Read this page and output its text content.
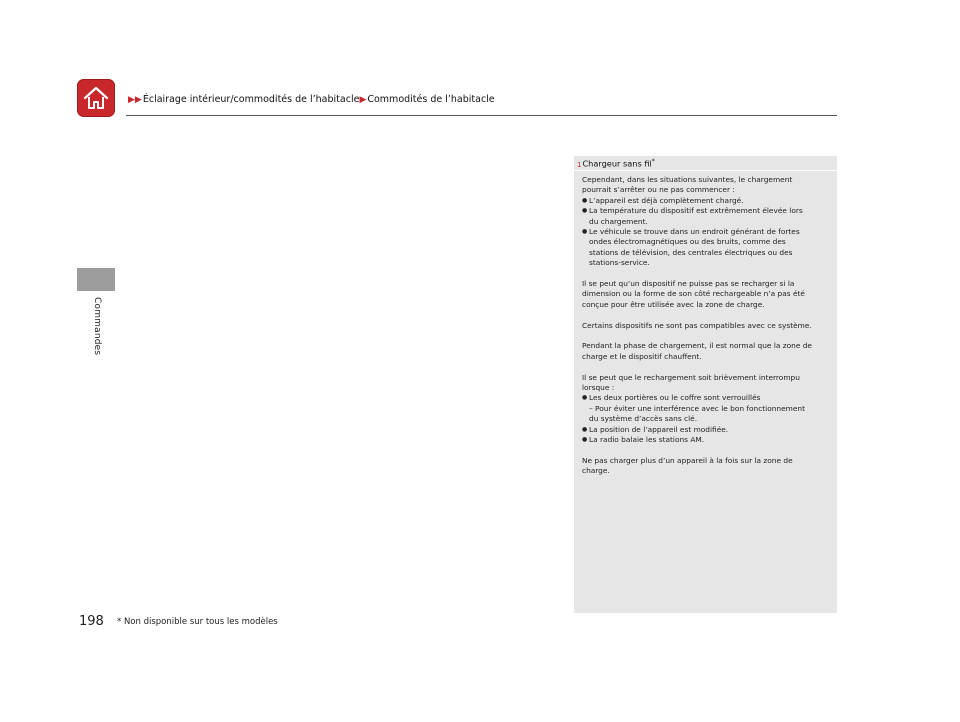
▶▶Éclairage intérieur/commodités de l’habitacle▶Commodités de l’habitacle
Commandes
1Chargeur sans fil*

Cependant, dans les situations suivantes, le chargement

pourrait s’arrêter ou ne pas commencer :

● L’appareil est déjà complètement chargé.

● La température du dispositif est extrêmement élevée lors

du chargement.

● Le véhicule se trouve dans un endroit générant de fortes

ondes électromagnétiques ou des bruits, comme des

stations de télévision, des centrales électriques ou des

stations-service.

Il se peut qu’un dispositif ne puisse pas se recharger si la

dimension ou la forme de son côté rechargeable n’a pas été

conçue pour être utilisée avec la zone de charge.

Certains dispositifs ne sont pas compatibles avec ce système.

Pendant la phase de chargement, il est normal que la zone de

charge et le dispositif chauffent.

Il se peut que le rechargement soit brièvement interrompu

lorsque :

● Les deux portières ou le coffre sont verrouillés

– Pour éviter une interférence avec le bon fonctionnement

du système d’accès sans clé.

● La position de l’appareil est modifiée.

● La radio balaie les stations AM.

Ne pas charger plus d’un appareil à la fois sur la zone de

charge.

198 * Non disponible sur tous les modèles
